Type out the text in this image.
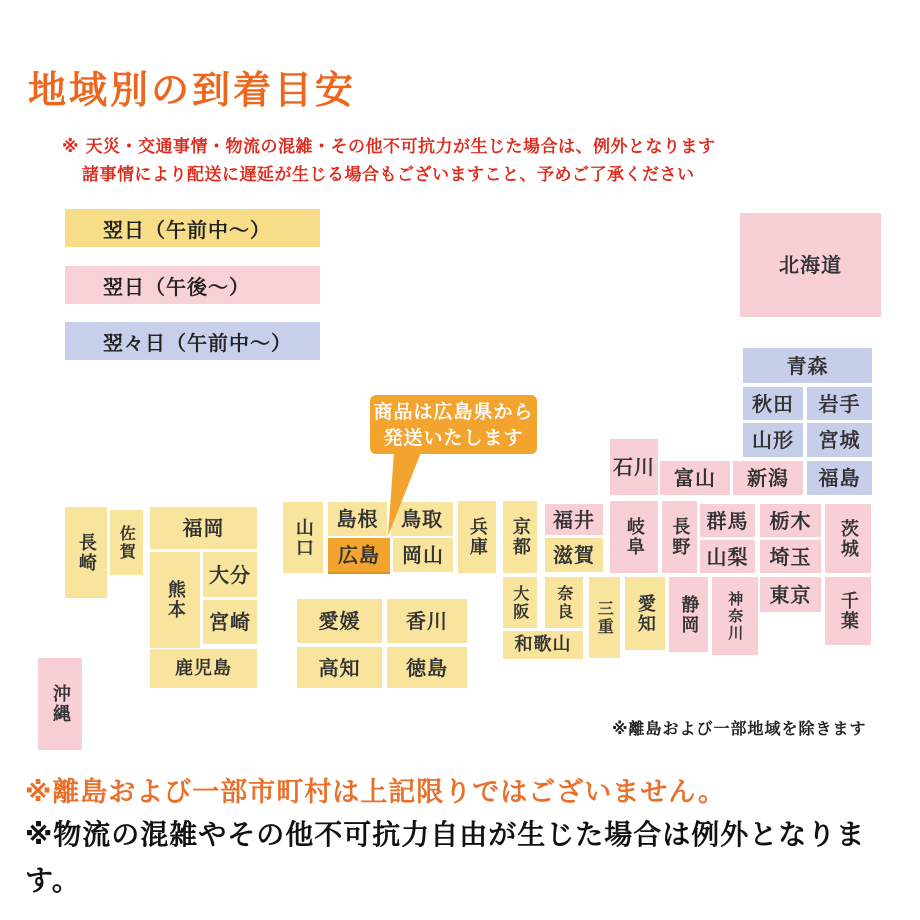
地域別の到着目安
※ 天災・交通事情・物流の混雑・その他不可抗力が生じた場合は、例外となります
諸事情により配送に遅延が生じる場合もございますこと、予めご了承ください
翌日（午前中～）
翌日（午後～）
翌々日（午前中～）
北海道
青森
秋田	岩手
山形	宮城
新潟	福島
富山
石川
岐阜	長野 群馬	栃木	茨城
山梨	埼玉
愛知	静岡	神奈川	東京	千葉
福井
滋賀
京都
兵庫
大阪	奈良
和歌山
三重
島根	鳥取
広島	岡山
山口
愛媛	香川
高知	徳島
福岡
佐賀
長崎
熊本
大分
宮崎
鹿児島
沖縄
商品は広島県から
発送いたします
※離島および一部地域を除きます
※離島および一部市町村は上記限りではございません。
※物流の混雑やその他不可抗力自由が生じた場合は例外となりま
す。
